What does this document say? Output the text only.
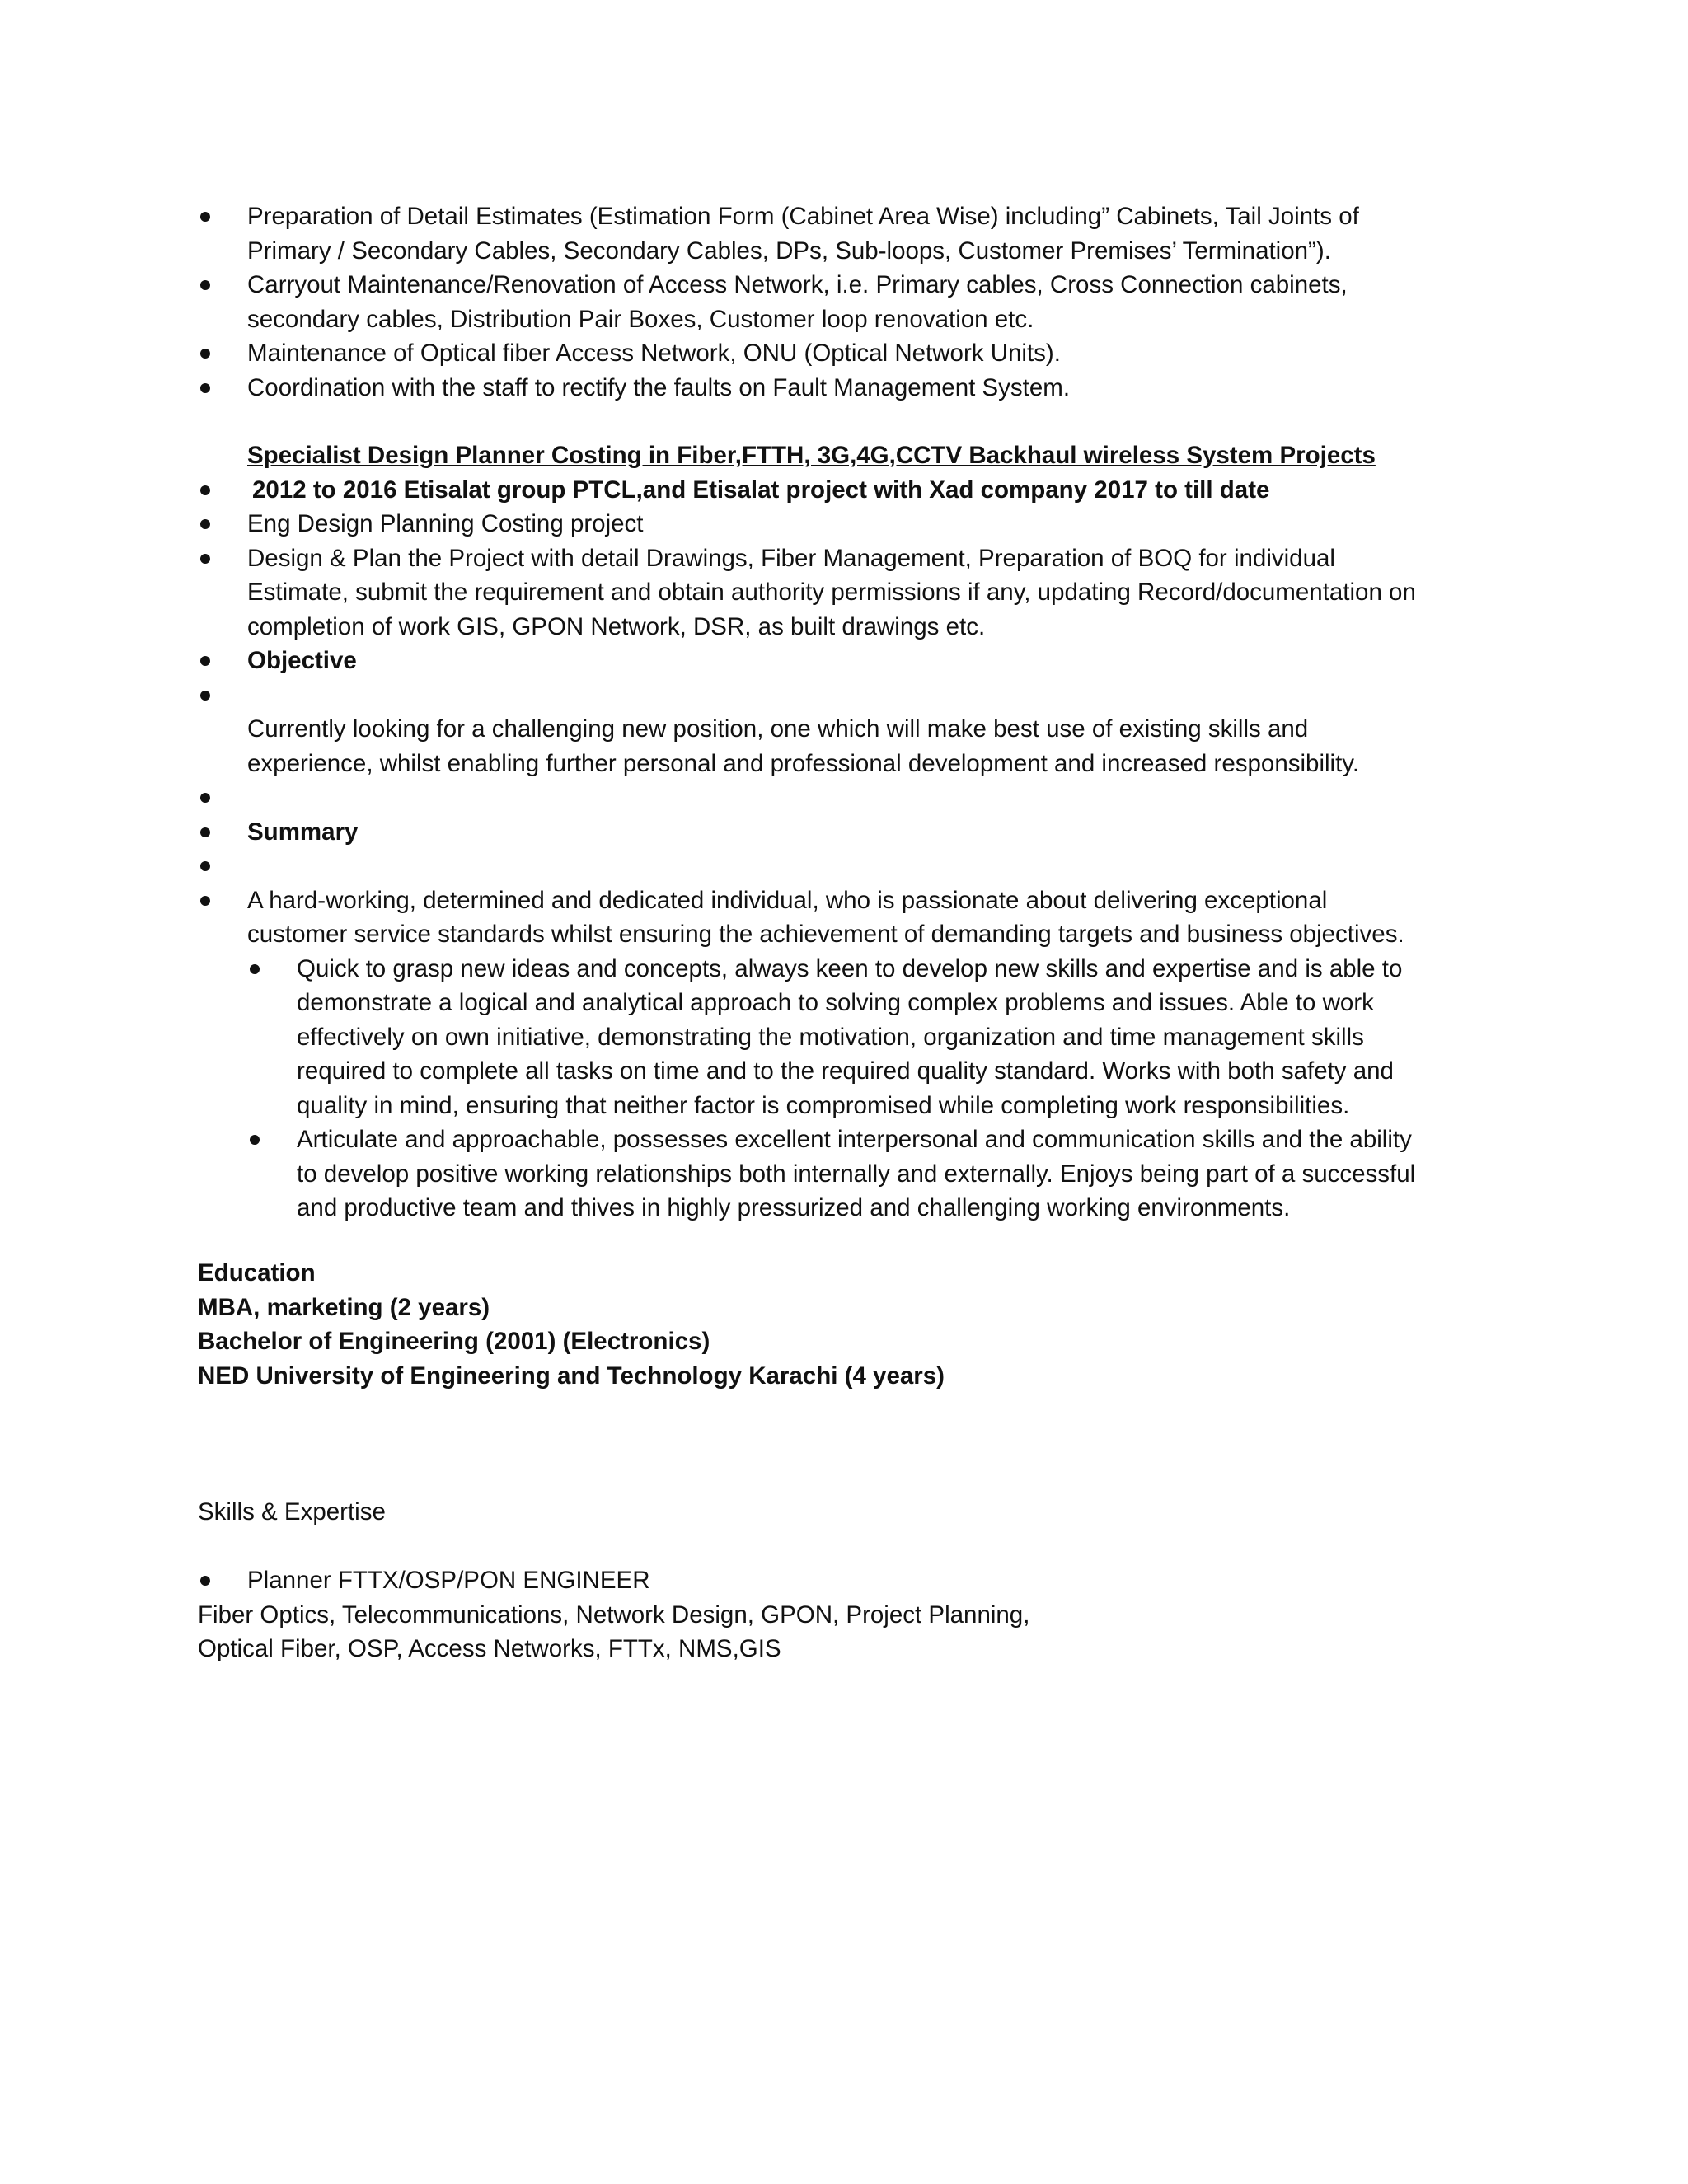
Preparation of Detail Estimates (Estimation Form (Cabinet Area Wise) including” Cabinets, Tail Joints of
Primary / Secondary Cables, Secondary Cables, DPs, Sub-loops, Customer Premises’ Termination”).
Carryout Maintenance/Renovation of Access Network, i.e. Primary cables, Cross Connection cabinets,
secondary cables, Distribution Pair Boxes, Customer loop renovation etc.
Maintenance of Optical fiber Access Network, ONU (Optical Network Units).
Coordination with the staff to rectify the faults on Fault Management System.
Specialist Design Planner Costing in Fiber,FTTH, 3G,4G,CCTV Backhaul wireless System Projects
2012 to 2016 Etisalat group PTCL,and Etisalat project with Xad company 2017 to till date
Eng Design Planning Costing project
Design & Plan the Project with detail Drawings, Fiber Management, Preparation of BOQ for individual
Estimate, submit the requirement and obtain authority permissions if any, updating Record/documentation on
completion of work GIS, GPON Network, DSR, as built drawings etc.
Objective
Currently looking for a challenging new position, one which will make best use of existing skills and
experience, whilst enabling further personal and professional development and increased responsibility.
Summary
A hard-working, determined and dedicated individual, who is passionate about delivering exceptional
customer service standards whilst ensuring the achievement of demanding targets and business objectives.
Quick to grasp new ideas and concepts, always keen to develop new skills and expertise and is able to
demonstrate a logical and analytical approach to solving complex problems and issues. Able to work
effectively on own initiative, demonstrating the motivation, organization and time management skills
required to complete all tasks on time and to the required quality standard. Works with both safety and
quality in mind, ensuring that neither factor is compromised while completing work responsibilities.
Articulate and approachable, possesses excellent interpersonal and communication skills and the ability
to develop positive working relationships both internally and externally. Enjoys being part of a successful
and productive team and thives in highly pressurized and challenging working environments.
Education
MBA, marketing (2 years)
Bachelor of Engineering (2001) (Electronics)
NED University of Engineering and Technology Karachi (4 years)
Skills & Expertise
Planner FTTX/OSP/PON ENGINEER
Fiber Optics, Telecommunications, Network Design, GPON, Project Planning,
Optical Fiber, OSP, Access Networks, FTTx, NMS,GIS
